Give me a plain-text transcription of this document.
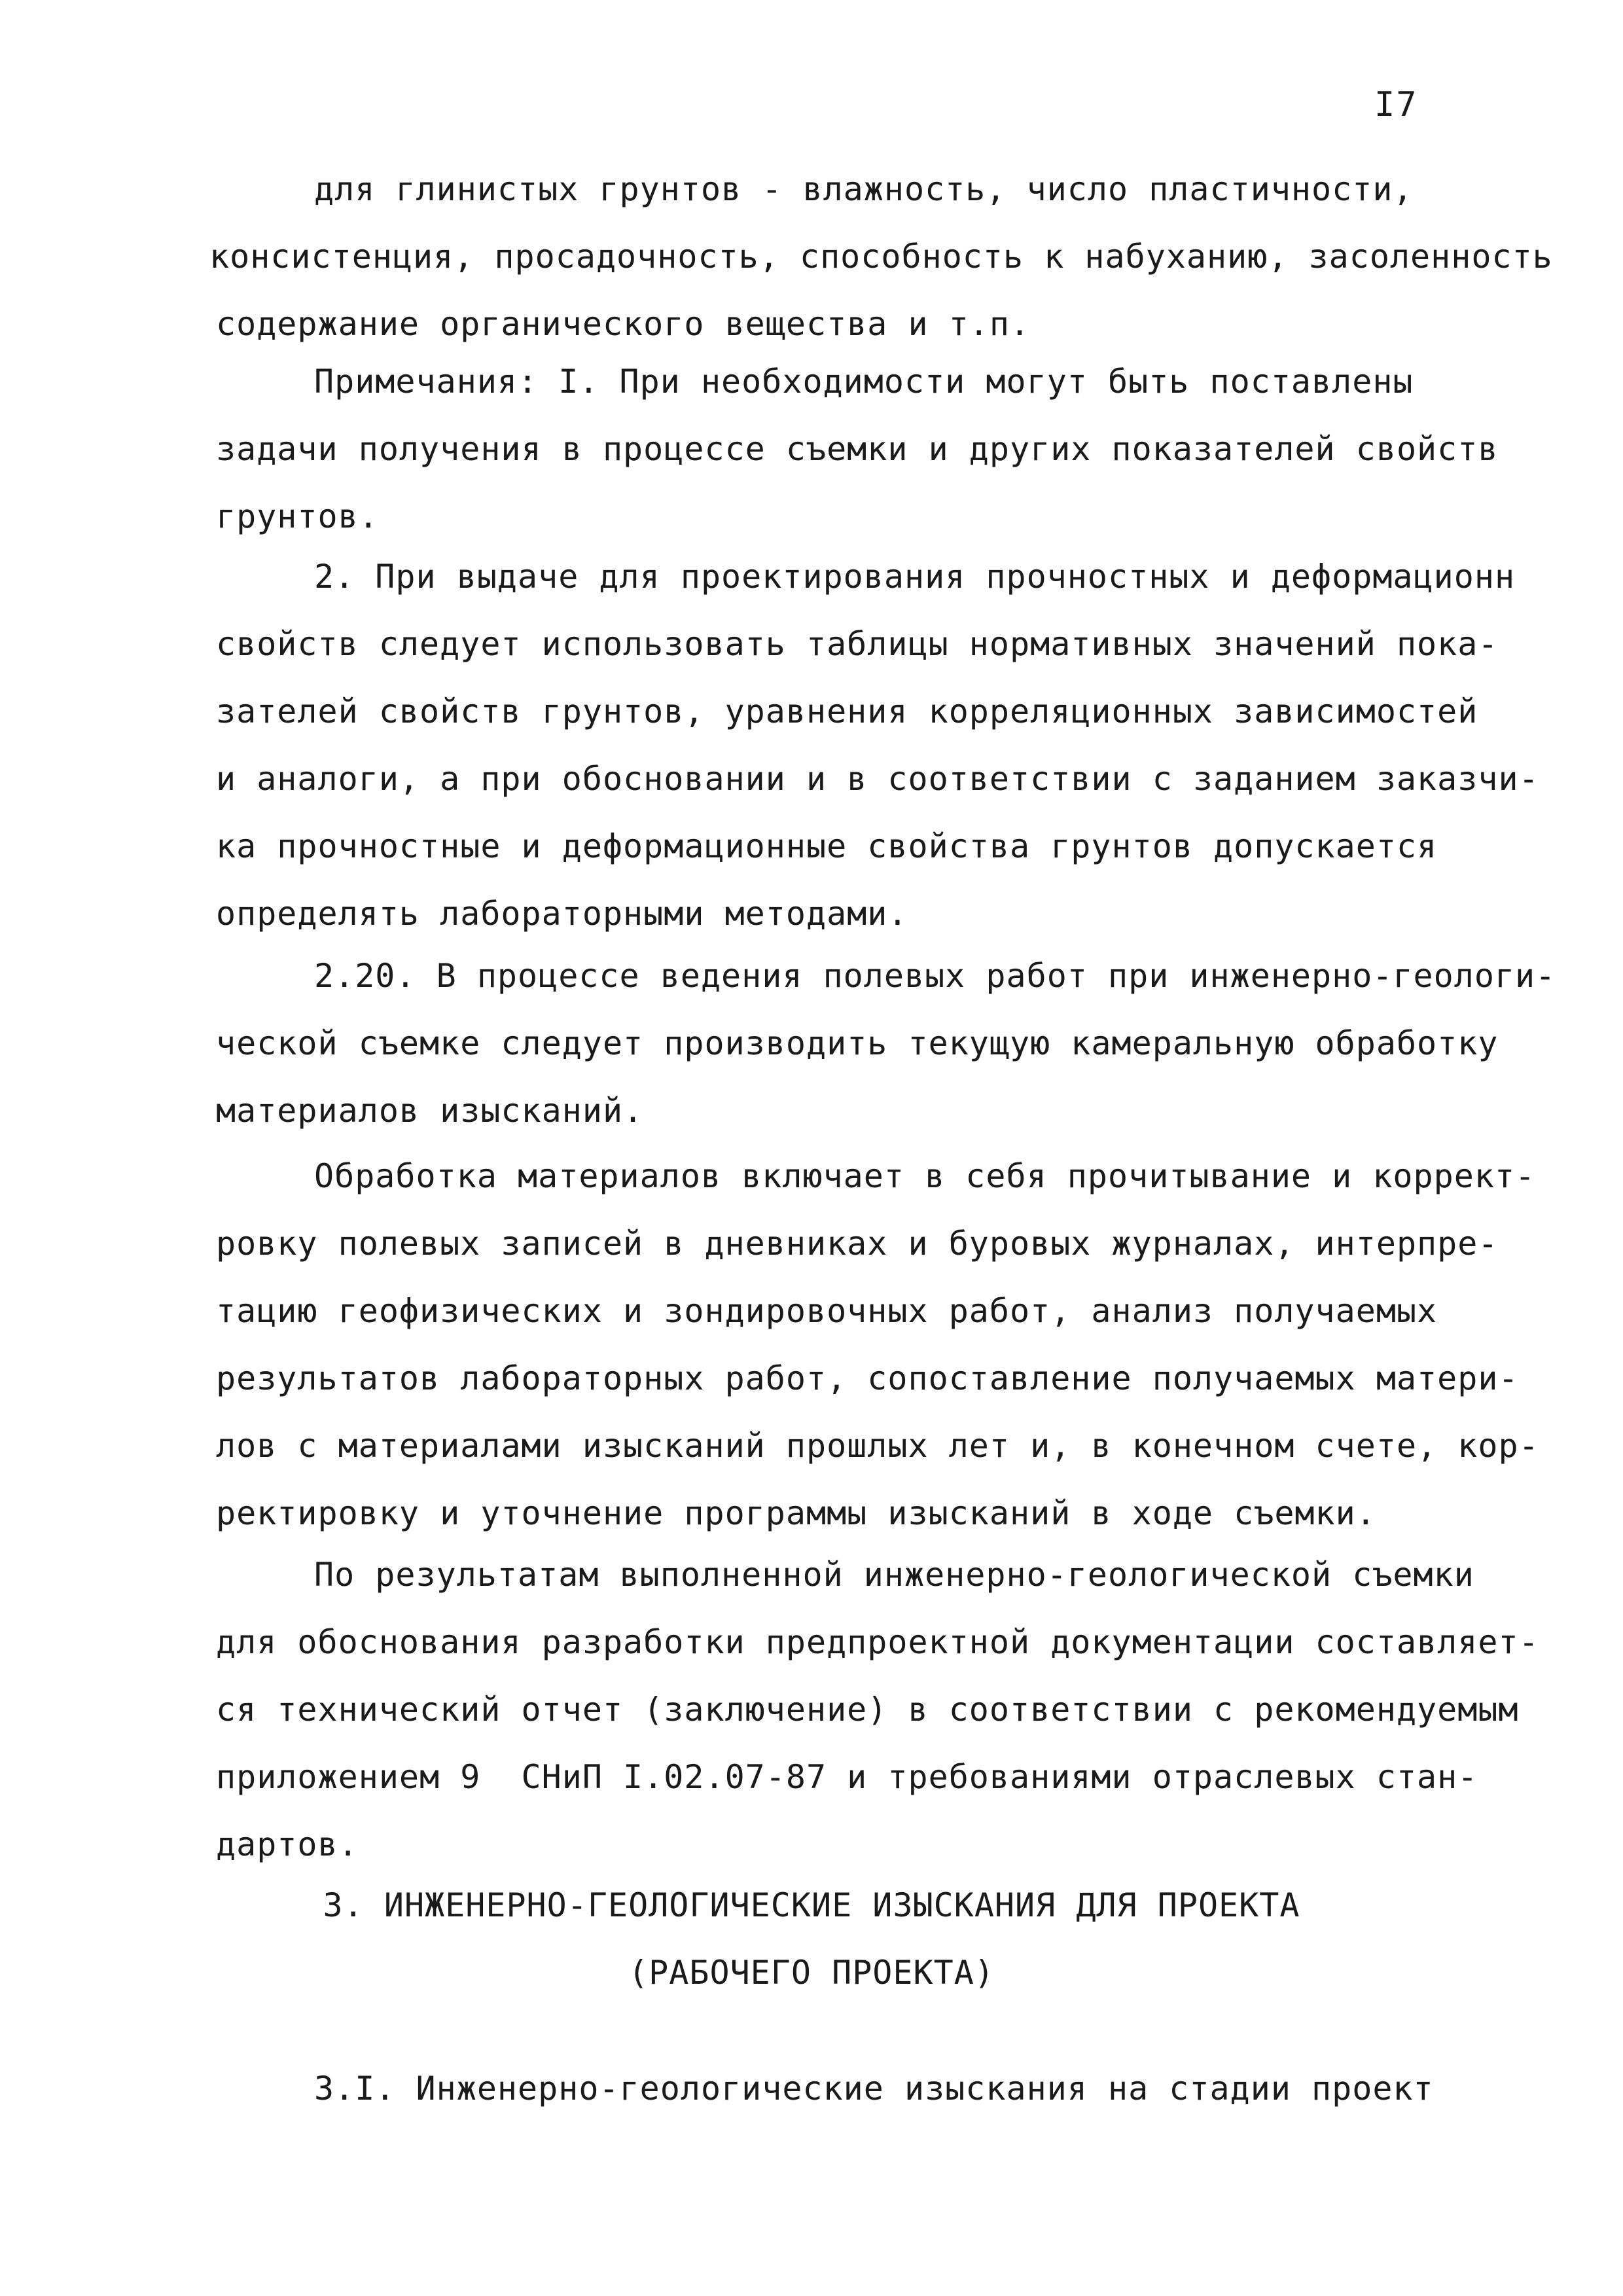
I7
для глинистых грунтов - влажность, число пластичности,
консистенция, просадочность, способность к набуханию, засоленность
содержание органического вещества и т.п.
Примечания: I. При необходимости могут быть поставлены
задачи получения в процессе съемки и других показателей свойств
грунтов.
2. При выдаче для проектирования прочностных и деформационн
свойств следует использовать таблицы нормативных значений пока-
зателей свойств грунтов, уравнения корреляционных зависимостей
и аналоги, а при обосновании и в соответствии с заданием заказчи-
ка прочностные и деформационные свойства грунтов допускается
определять лабораторными методами.
2.20. В процессе ведения полевых работ при инженерно-геологи-
ческой съемке следует производить текущую камеральную обработку
материалов изысканий.
Обработка материалов включает в себя прочитывание и коррект-
ровку полевых записей в дневниках и буровых журналах, интерпре-
тацию геофизических и зондировочных работ, анализ получаемых
результатов лабораторных работ, сопоставление получаемых матери-
лов с материалами изысканий прошлых лет и, в конечном счете, кор-
ректировку и уточнение программы изысканий в ходе съемки.
По результатам выполненной инженерно-геологической съемки
для обоснования разработки предпроектной документации составляет-
ся технический отчет (заключение) в соответствии с рекомендуемым
приложением 9  СНиП I.02.07-87 и требованиями отраслевых стан-
дартов.
3. ИНЖЕНЕРНО-ГЕОЛОГИЧЕСКИЕ ИЗЫСКАНИЯ ДЛЯ ПРОЕКТА
(РАБОЧЕГО ПРОЕКТА)
3.I. Инженерно-геологические изыскания на стадии проект
